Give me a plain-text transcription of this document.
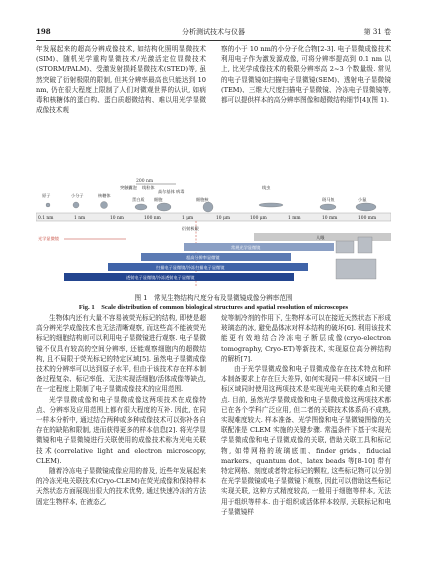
198	分析测试技术与仪器	第 31 卷

年发展起来的超高分辨成像技术, 如结构化照明显微技术(SIM)、随机光学重构显微技术/光激活定位显微技术(STORM/PALM)、受激发射损耗显微技术(STED)等, 虽然突破了衍射极限的限制, 但其分辨率最高也只能达到 10 nm, 仍在很大程度上限制了人们对微观世界的认识, 如病毒和核糖体的蛋白构、蛋白质超微结构、难以用光学显微成像技术观

察的小于 10 nm的小分子化合物[2-3]. 电子显微成像技术利用电子作为激发源成像, 可将分辨率提高到 0.1 nm 以上, 比光学成像技术的极限分辨率高 2~3 个数量级. 常见的电子显微镜如扫描电子显微镜(SEM)、透射电子显微镜(TEM)、三维大尺度扫描电子显微镜、冷冻电子显微镜等, 都可以提供样本的高分辨率图像和超微结构细节[4](图 1).

200 nm
原子	小分子	核糖体
突触囊泡 线粒体
高尔基体 病毒
细胞
蛋白质	细胞核
线虫
斑马鱼	小鼠
0.1 nm	1 nm	10 nm	100 nm	1 μm	10 μm	100 μm	1 mm	10 mm	100 mm
衍射极限
光学显微镜	人眼
常规光学显微镜
超高分辨率显微镜
扫描电子显微镜/冷冻扫描电子显微镜
透射电子显微镜/冷冻透射电子显微镜
图 1　常见生物结构尺度分布及显微镜成像分辨率范围
Fig. 1　Scale distribution of common biological structures and spatial resolution of microscopes

生物体内还有大量不容易被荧光标记的结构, 即使是超高分辨光学成像技术也无法清晰观察, 而这些高不能被荧光标记的细胞结构则可以利用电子显微镜进行观察. 电子显微镜不仅具有较高的空间分辨率, 还能观察细胞内的超微结构, 且不局限于荧光标记的特定区域[5]. 虽然电子显微成像技术的分辨率可以达到原子水平, 但由于该技术存在样本制备过程复杂、标记率低、无法实现活细胞/活体成像等缺点, 在一定程度上限制了电子显微成像技术的应用范围.

光学显微成像和电子显微成像这两项技术在成像特点、分辨率及应用范围上都有很大程度的互补. 因此, 在同一样本分析中, 通过结合两种或多种成像技术可以弥补各自存在的缺陷和限制, 进而获得更多的样本信息[2]. 将光学显微镜和电子显微镜进行关联使用的成像技术称为光电关联技术(correlative light and electron microscopy, CLEM).

随着冷冻电子显微镜成像应用的普及, 近些年发展起来的冷冻光电关联技术(Cryo-CLEM)在荧光成像和保持样本天然状态方面展现出很大的技术优势, 通过快速冷冻的方法固定生物样本, 在液态乙

烷等制冷剂的作用下, 生物样本可以在接近天然状态下形成玻璃态的冰, 避免晶体冰对样本结构的破坏[6]. 利用该技术能更有效地结合冷冻电子断层成像(cryo-electron tomography, Cryo-ET)等新技术, 实现原位高分辨结构的解析[7].

由于光学显微成像和电子显微成像存在技术特点和样本制备要求上存在巨大差异, 如何实现同一样本区域同一目标区域同时使用这两项技术是实现光电关联的难点和关键点. 目前, 虽然光学显微成像和电子显微成像这两项技术都已在各个学科广泛应用, 但二者的关联技术体系尚不成熟, 实现难度较大. 样本准备、光学图像和电子显微镜图像的关联配准是 CLEM 实施的关键步骤. 常温条件下基于实现光学显微成像和电子显微成像的关联, 借助关联工具和标记物, 如带网格的玻璃底皿、finder grids、fiducial markers、quantum dot、latex beads 等[8-10] 带有特定网格、刻度或者特定标记的颗粒, 这些标记物可以分别在光学显微镜或电子显微镜下观察, 因此可以借助这些标记实现关联, 这种方式精度较高, 一般用于细胞等样本, 无法用于组织等样本. 由于组织或活体样本较厚, 关联标记和电子显微镜样
